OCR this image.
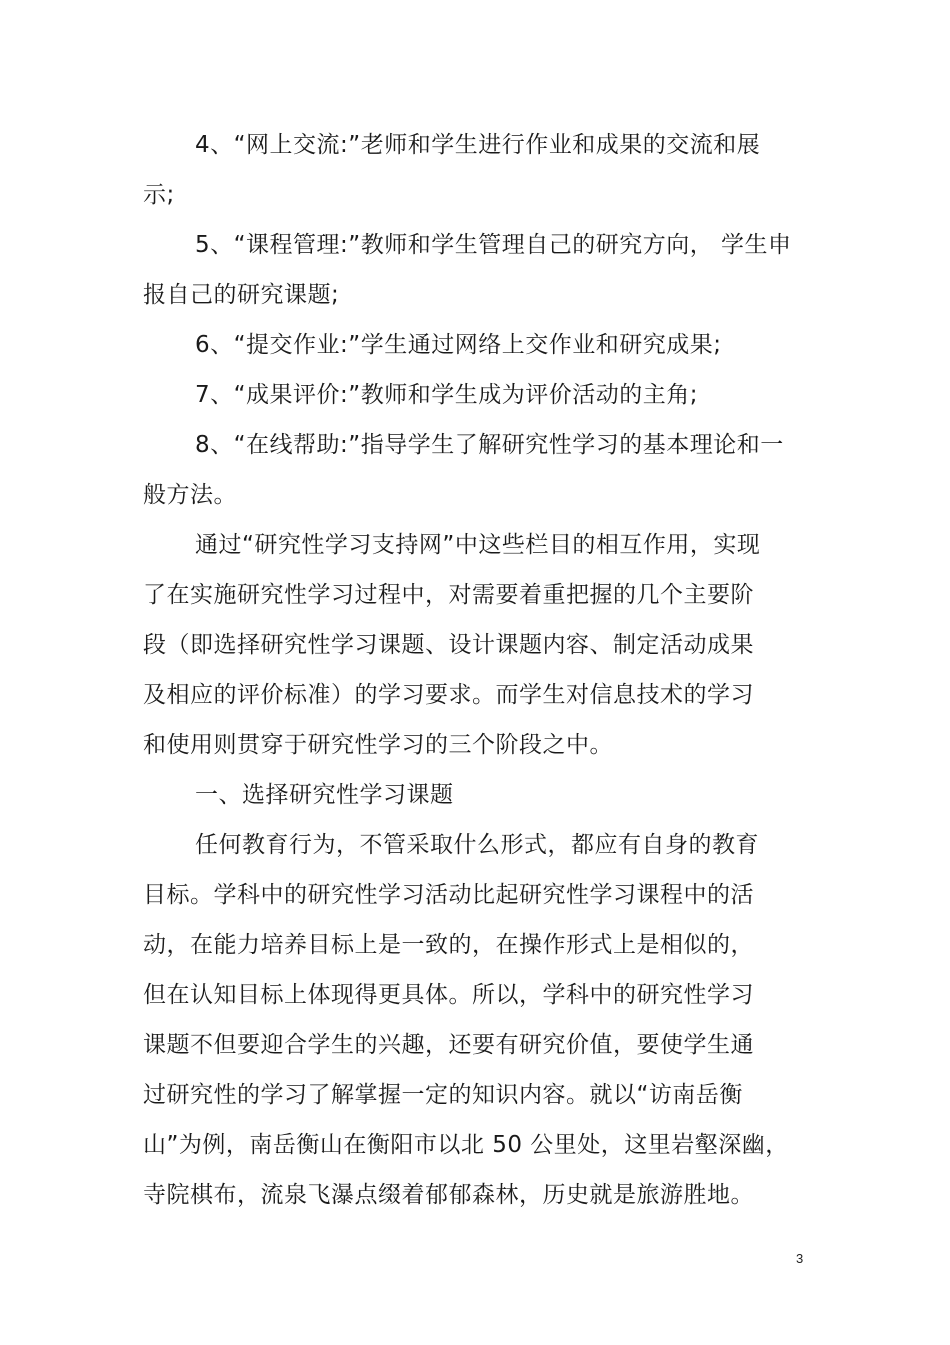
4、“网上交流:”老师和学生进行作业和成果的交流和展
示;
5、“课程管理:”教师和学生管理自己的研究方向， 学生申
报自己的研究课题;
6、“提交作业:”学生通过网络上交作业和研究成果;
7、“成果评价:”教师和学生成为评价活动的主角;
8、“在线帮助:”指导学生了解研究性学习的基本理论和一
般方法。
通过“研究性学习支持网”中这些栏目的相互作用，实现
了在实施研究性学习过程中，对需要着重把握的几个主要阶
段（即选择研究性学习课题、设计课题内容、制定活动成果
及相应的评价标准）的学习要求。而学生对信息技术的学习
和使用则贯穿于研究性学习的三个阶段之中。
一、选择研究性学习课题
任何教育行为，不管采取什么形式，都应有自身的教育
目标。学科中的研究性学习活动比起研究性学习课程中的活
动，在能力培养目标上是一致的，在操作形式上是相似的，
但在认知目标上体现得更具体。所以，学科中的研究性学习
课题不但要迎合学生的兴趣，还要有研究价值，要使学生通
过研究性的学习了解掌握一定的知识内容。就以“访南岳衡
山”为例，南岳衡山在衡阳市以北 50 公里处，这里岩壑深幽，
寺院棋布，流泉飞瀑点缀着郁郁森林，历史就是旅游胜地。
3
